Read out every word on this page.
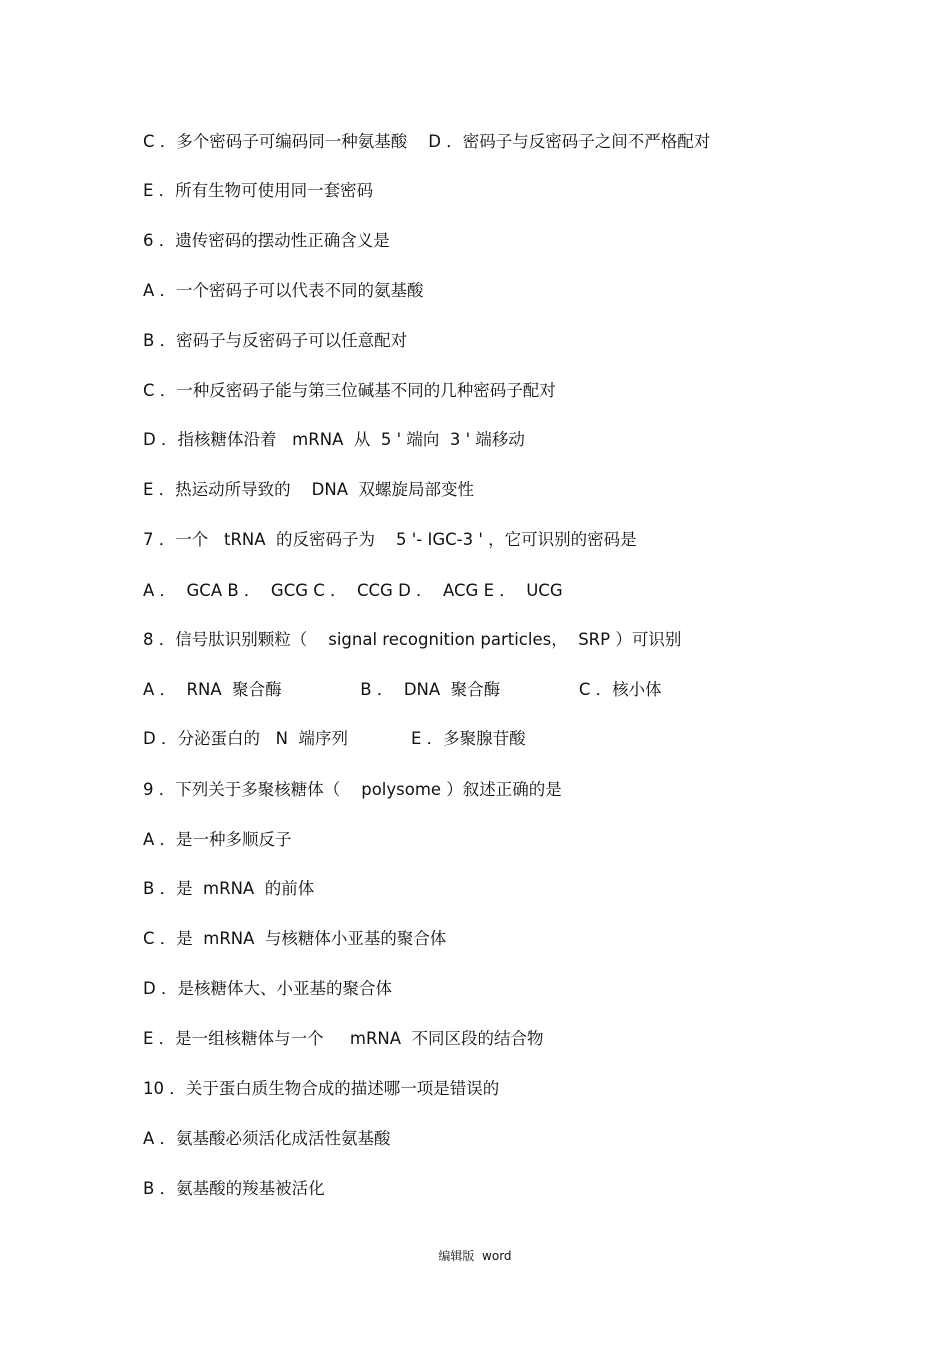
C ．多个密码子可编码同一种氨基酸    D ．密码子与反密码子之间不严格配对
E ．所有生物可使用同一套密码
6 ．遗传密码的摆动性正确含义是
A ．一个密码子可以代表不同的氨基酸
B ．密码子与反密码子可以任意配对
C ．一种反密码子能与第三位碱基不同的几种密码子配对
D ．指核糖体沿着   mRNA  从  5 ' 端向  3 ' 端移动
E ．热运动所导致的    DNA  双螺旋局部变性
7 ．一个   tRNA  的反密码子为    5 '- IGC-3 ' ，它可识别的密码是
A ．  GCA B ．  GCG C ．  CCG D ．  ACG E ．  UCG
8 ．信号肽识别颗粒（    signal recognition particles，  SRP ）可识别
A ．  RNA  聚合酶               B ．  DNA  聚合酶               C ．核小体
D ．分泌蛋白的   N  端序列            E ．多聚腺苷酸
9 ．下列关于多聚核糖体（    polysome ）叙述正确的是
A ．是一种多顺反子
B ．是  mRNA  的前体
C ．是  mRNA  与核糖体小亚基的聚合体
D ．是核糖体大、小亚基的聚合体
E ．是一组核糖体与一个     mRNA  不同区段的结合物
10 ．关于蛋白质生物合成的描述哪一项是错误的
A ．氨基酸必须活化成活性氨基酸
B ．氨基酸的羧基被活化
编辑版  word
